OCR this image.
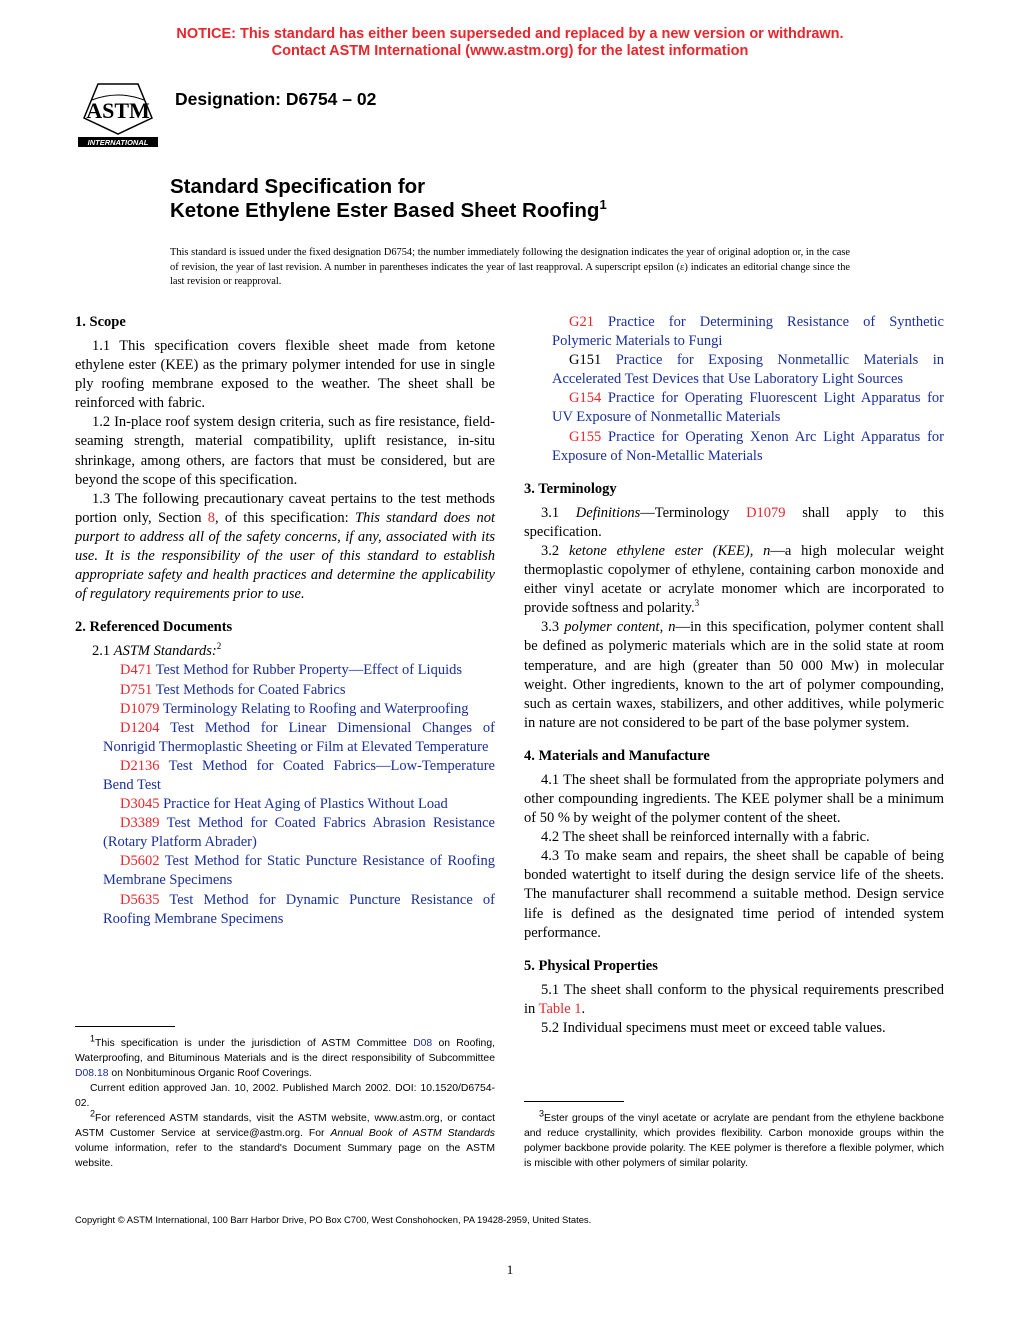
NOTICE: This standard has either been superseded and replaced by a new version or withdrawn.
Contact ASTM International (www.astm.org) for the latest information
ASTM
INTERNATIONAL
Designation: D6754 – 02
Standard Specification for
Ketone Ethylene Ester Based Sheet Roofing$^1$
This standard is issued under the fixed designation D6754; the number immediately following the designation indicates the year of original adoption or, in the case of revision, the year of last revision. A number in parentheses indicates the year of last reapproval. A superscript epsilon (ε) indicates an editorial change since the last revision or reapproval.
1. Scope

1.1 This specification covers flexible sheet made from ketone ethylene ester (KEE) as the primary polymer intended for use in single ply roofing membrane exposed to the weather. The sheet shall be reinforced with fabric.

1.2 In-place roof system design criteria, such as fire resistance, field-seaming strength, material compatibility, uplift resistance, in-situ shrinkage, among others, are factors that must be considered, but are beyond the scope of this specification.

1.3 The following precautionary caveat pertains to the test methods portion only, Section 8, of this specification: This standard does not purport to address all of the safety concerns, if any, associated with its use. It is the responsibility of the user of this standard to establish appropriate safety and health practices and determine the applicability of regulatory requirements prior to use.

2. Referenced Documents

2.1 ASTM Standards:$^2$

D471 Test Method for Rubber Property—Effect of Liquids

D751 Test Methods for Coated Fabrics

D1079 Terminology Relating to Roofing and Waterproofing

D1204 Test Method for Linear Dimensional Changes of Nonrigid Thermoplastic Sheeting or Film at Elevated Temperature

D2136 Test Method for Coated Fabrics—Low-Temperature Bend Test

D3045 Practice for Heat Aging of Plastics Without Load

D3389 Test Method for Coated Fabrics Abrasion Resistance (Rotary Platform Abrader)

D5602 Test Method for Static Puncture Resistance of Roofing Membrane Specimens

D5635 Test Method for Dynamic Puncture Resistance of Roofing Membrane Specimens

G21 Practice for Determining Resistance of Synthetic Polymeric Materials to Fungi

G151 Practice for Exposing Nonmetallic Materials in Accelerated Test Devices that Use Laboratory Light Sources

G154 Practice for Operating Fluorescent Light Apparatus for UV Exposure of Nonmetallic Materials

G155 Practice for Operating Xenon Arc Light Apparatus for Exposure of Non-Metallic Materials

3. Terminology

3.1 Definitions—Terminology D1079 shall apply to this specification.

3.2 ketone ethylene ester (KEE), n—a high molecular weight thermoplastic copolymer of ethylene, containing carbon monoxide and either vinyl acetate or acrylate monomer which are incorporated to provide softness and polarity.$^3$

3.3 polymer content, n—in this specification, polymer content shall be defined as polymeric materials which are in the solid state at room temperature, and are high (greater than 50 000 Mw) in molecular weight. Other ingredients, known to the art of polymer compounding, such as certain waxes, stabilizers, and other additives, while polymeric in nature are not considered to be part of the base polymer system.

4. Materials and Manufacture

4.1 The sheet shall be formulated from the appropriate polymers and other compounding ingredients. The KEE polymer shall be a minimum of 50 % by weight of the polymer content of the sheet.

4.2 The sheet shall be reinforced internally with a fabric.

4.3 To make seam and repairs, the sheet shall be capable of being bonded watertight to itself during the design service life of the sheets. The manufacturer shall recommend a suitable method. Design service life is defined as the designated time period of intended system performance.

5. Physical Properties

5.1 The sheet shall conform to the physical requirements prescribed in Table 1.

5.2 Individual specimens must meet or exceed table values.

$^1$This specification is under the jurisdiction of ASTM Committee D08 on Roofing, Waterproofing, and Bituminous Materials and is the direct responsibility of Subcommittee D08.18 on Nonbituminous Organic Roof Coverings.

Current edition approved Jan. 10, 2002. Published March 2002. DOI: 10.1520/D6754-02.

$^2$For referenced ASTM standards, visit the ASTM website, www.astm.org, or contact ASTM Customer Service at service@astm.org. For Annual Book of ASTM Standards volume information, refer to the standard's Document Summary page on the ASTM website.

$^3$Ester groups of the vinyl acetate or acrylate are pendant from the ethylene backbone and reduce crystallinity, which provides flexibility. Carbon monoxide groups within the polymer backbone provide polarity. The KEE polymer is therefore a flexible polymer, which is miscible with other polymers of similar polarity.

Copyright © ASTM International, 100 Barr Harbor Drive, PO Box C700, West Conshohocken, PA 19428-2959, United States.
1
